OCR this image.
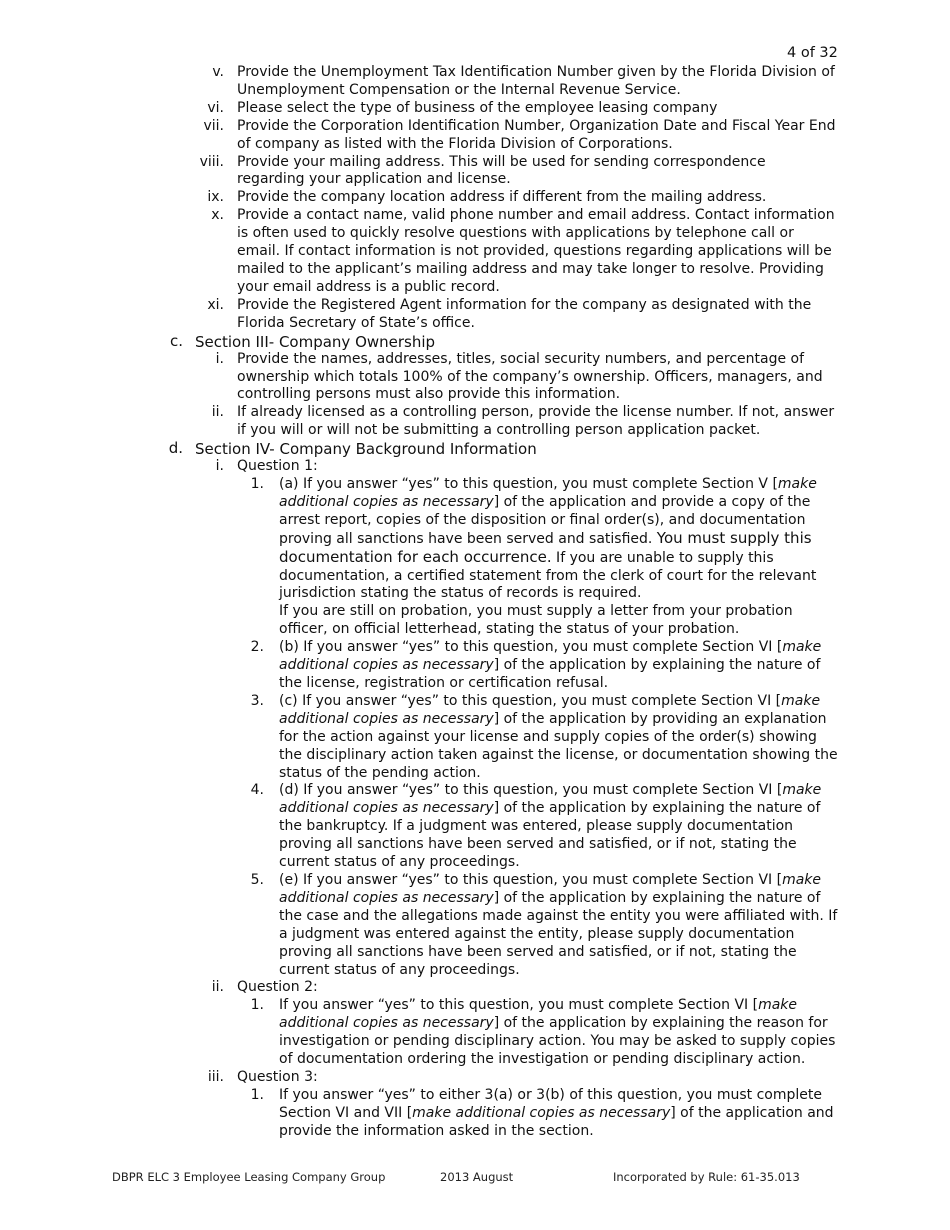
4 of 32
v. Provide the Unemployment Tax Identification Number given by the Florida Division of Unemployment Compensation or the Internal Revenue Service.
vi. Please select the type of business of the employee leasing company
vii. Provide the Corporation Identification Number, Organization Date and Fiscal Year End of company as listed with the Florida Division of Corporations.
viii. Provide your mailing address. This will be used for sending correspondence regarding your application and license.
ix. Provide the company location address if different from the mailing address.
x. Provide a contact name, valid phone number and email address. Contact information is often used to quickly resolve questions with applications by telephone call or email. If contact information is not provided, questions regarding applications will be mailed to the applicant’s mailing address and may take longer to resolve. Providing your email address is a public record.
xi. Provide the Registered Agent information for the company as designated with the Florida Secretary of State’s office.
c. Section III- Company Ownership
i. Provide the names, addresses, titles, social security numbers, and percentage of ownership which totals 100% of the company’s ownership. Officers, managers, and controlling persons must also provide this information.
ii. If already licensed as a controlling person, provide the license number. If not, answer if you will or will not be submitting a controlling person application packet.
d. Section IV- Company Background Information
i. Question 1:
1. (a) If you answer “yes” to this question, you must complete Section V [make additional copies as necessary] of the application and provide a copy of the arrest report, copies of the disposition or final order(s), and documentation proving all sanctions have been served and satisfied. You must supply this documentation for each occurrence. If you are unable to supply this documentation, a certified statement from the clerk of court for the relevant jurisdiction stating the status of records is required.
If you are still on probation, you must supply a letter from your probation officer, on official letterhead, stating the status of your probation.
2. (b) If you answer “yes” to this question, you must complete Section VI [make additional copies as necessary] of the application by explaining the nature of the license, registration or certification refusal.
3. (c) If you answer “yes” to this question, you must complete Section VI [make additional copies as necessary] of the application by providing an explanation for the action against your license and supply copies of the order(s) showing the disciplinary action taken against the license, or documentation showing the status of the pending action.
4. (d) If you answer “yes” to this question, you must complete Section VI [make additional copies as necessary] of the application by explaining the nature of the bankruptcy. If a judgment was entered, please supply documentation proving all sanctions have been served and satisfied, or if not, stating the current status of any proceedings.
5. (e) If you answer “yes” to this question, you must complete Section VI [make additional copies as necessary] of the application by explaining the nature of the case and the allegations made against the entity you were affiliated with. If a judgment was entered against the entity, please supply documentation proving all sanctions have been served and satisfied, or if not, stating the current status of any proceedings.
ii. Question 2:
1. If you answer “yes” to this question, you must complete Section VI [make additional copies as necessary] of the application by explaining the reason for investigation or pending disciplinary action. You may be asked to supply copies of documentation ordering the investigation or pending disciplinary action.
iii. Question 3:
1. If you answer “yes” to either 3(a) or 3(b) of this question, you must complete Section VI and VII [make additional copies as necessary] of the application and provide the information asked in the section.
DBPR ELC 3 Employee Leasing Company Group	2013 August	Incorporated by Rule: 61-35.013
